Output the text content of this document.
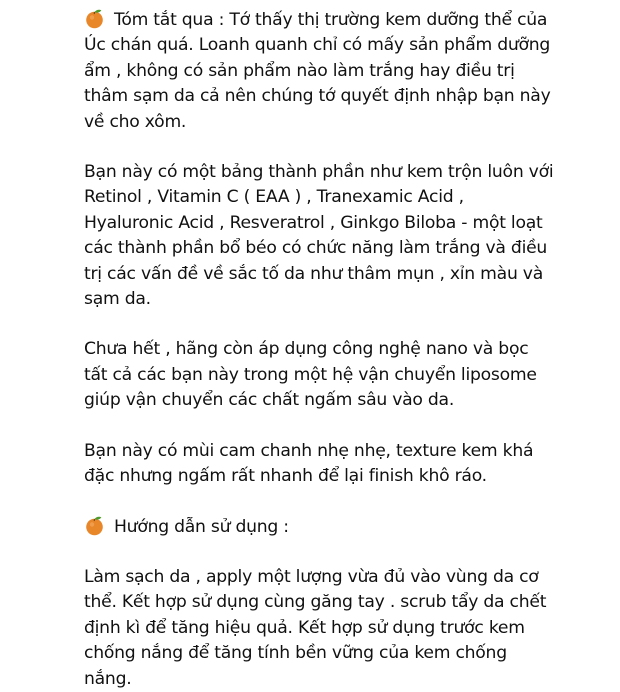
Tóm tắt qua : Tớ thấy thị trường kem dưỡng thể của
Úc chán quá. Loanh quanh chỉ có mấy sản phẩm dưỡng
ẩm , không có sản phẩm nào làm trắng hay điều trị
thâm sạm da cả nên chúng tớ quyết định nhập bạn này
về cho xôm.

Bạn này có một bảng thành phần như kem trộn luôn với
Retinol , Vitamin C ( EAA ) , Tranexamic Acid ,
Hyaluronic Acid , Resveratrol , Ginkgo Biloba - một loạt
các thành phần bổ béo có chức năng làm trắng và điều
trị các vấn đề về sắc tố da như thâm mụn , xỉn màu và
sạm da.

Chưa hết , hãng còn áp dụng công nghệ nano và bọc
tất cả các bạn này trong một hệ vận chuyển liposome
giúp vận chuyển các chất ngấm sâu vào da.

Bạn này có mùi cam chanh nhẹ nhẹ, texture kem khá
đặc nhưng ngấm rất nhanh để lại finish khô ráo.

Hướng dẫn sử dụng :

Làm sạch da , apply một lượng vừa đủ vào vùng da cơ
thể. Kết hợp sử dụng cùng găng tay . scrub tẩy da chết
định kì để tăng hiệu quả. Kết hợp sử dụng trước kem
chống nắng để tăng tính bền vững của kem chống
nắng.
